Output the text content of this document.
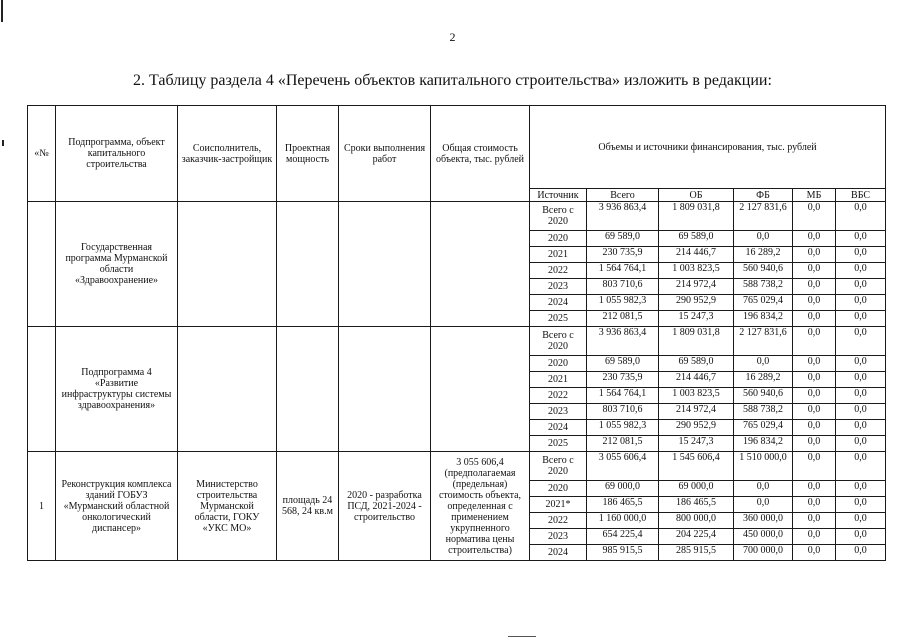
2
2. Таблицу раздела 4 «Перечень объектов капитального строительства» изложить в редакции:
«№	Подпрограмма, объект капитального строительства	Соисполнитель, заказчик-застройщик	Проектная мощность	Сроки выполнения работ	Общая стоимость объекта, тыс. рублей	Объемы и источники финансирования, тыс. рублей					
						Источник	Всего	ОБ	ФБ	МБ	ВБС
	Государственная программа Мурманской области «Здравоохранение»					Всего с 2020	3 936 863,4	1 809 031,8	2 127 831,6	0,0	0,0
						2020	69 589,0	69 589,0	0,0	0,0	0,0
						2021	230 735,9	214 446,7	16 289,2	0,0	0,0
						2022	1 564 764,1	1 003 823,5	560 940,6	0,0	0,0
						2023	803 710,6	214 972,4	588 738,2	0,0	0,0
						2024	1 055 982,3	290 952,9	765 029,4	0,0	0,0
						2025	212 081,5	15 247,3	196 834,2	0,0	0,0
	Подпрограмма 4 «Развитие инфраструктуры системы здравоохранения»					Всего с 2020	3 936 863,4	1 809 031,8	2 127 831,6	0,0	0,0
						2020	69 589,0	69 589,0	0,0	0,0	0,0
						2021	230 735,9	214 446,7	16 289,2	0,0	0,0
						2022	1 564 764,1	1 003 823,5	560 940,6	0,0	0,0
						2023	803 710,6	214 972,4	588 738,2	0,0	0,0
						2024	1 055 982,3	290 952,9	765 029,4	0,0	0,0
						2025	212 081,5	15 247,3	196 834,2	0,0	0,0
1	Реконструкция комплекса зданий ГОБУЗ «Мурманский областной онкологический диспансер»	Министерство строительства Мурманской области, ГОКУ «УКС МО»	площадь 24 568, 24 кв.м	2020 - разработка ПСД, 2021-2024 - строительство	3 055 606,4 (предполагаемая (предельная) стоимость объекта, определенная с применением укрупненного норматива цены строительства)	Всего с 2020	3 055 606,4	1 545 606,4	1 510 000,0	0,0	0,0
						2020	69 000,0	69 000,0	0,0	0,0	0,0
						2021*	186 465,5	186 465,5	0,0	0,0	0,0
						2022	1 160 000,0	800 000,0	360 000,0	0,0	0,0
						2023	654 225,4	204 225,4	450 000,0	0,0	0,0
						2024	985 915,5	285 915,5	700 000,0	0,0	0,0
